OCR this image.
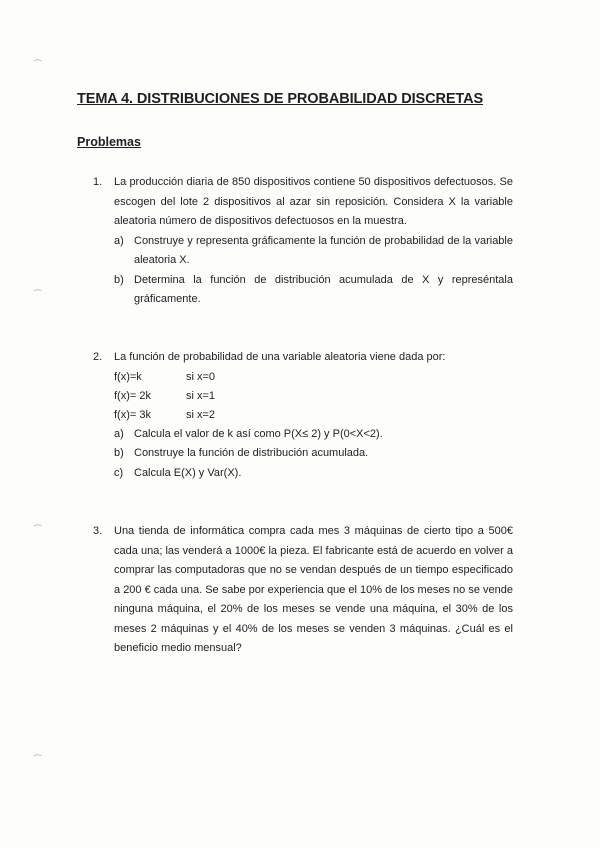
⁀
⁀
⁀
⁀
TEMA 4. DISTRIBUCIONES DE PROBABILIDAD DISCRETAS
Problemas
1. La producción diaria de 850 dispositivos contiene 50 dispositivos defectuosos. Se escogen del lote 2 dispositivos al azar sin reposición. Considera X la variable aleatoria número de dispositivos defectuosos en la muestra.
a) Construye y representa gráficamente la función de probabilidad de la variable aleatoria X.
b) Determina la función de distribución acumulada de X y represéntala gráficamente.
2. La función de probabilidad de una variable aleatoria viene dada por:
f(x)=k	si x=0
f(x)= 2k	si x=1
f(x)= 3k	si x=2
a) Calcula el valor de k así como P(X≤ 2) y P(0<X<2).
b) Construye la función de distribución acumulada.
c) Calcula E(X) y Var(X).
3. Una tienda de informática compra cada mes 3 máquinas de cierto tipo a 500€ cada una; las venderá a 1000€ la pieza. El fabricante está de acuerdo en volver a comprar las computadoras que no se vendan después de un tiempo especificado a 200 € cada una. Se sabe por experiencia que el 10% de los meses no se vende ninguna máquina, el 20% de los meses se vende una máquina, el 30% de los meses 2 máquinas y el 40% de los meses se venden 3 máquinas. ¿Cuál es el beneficio medio mensual?
